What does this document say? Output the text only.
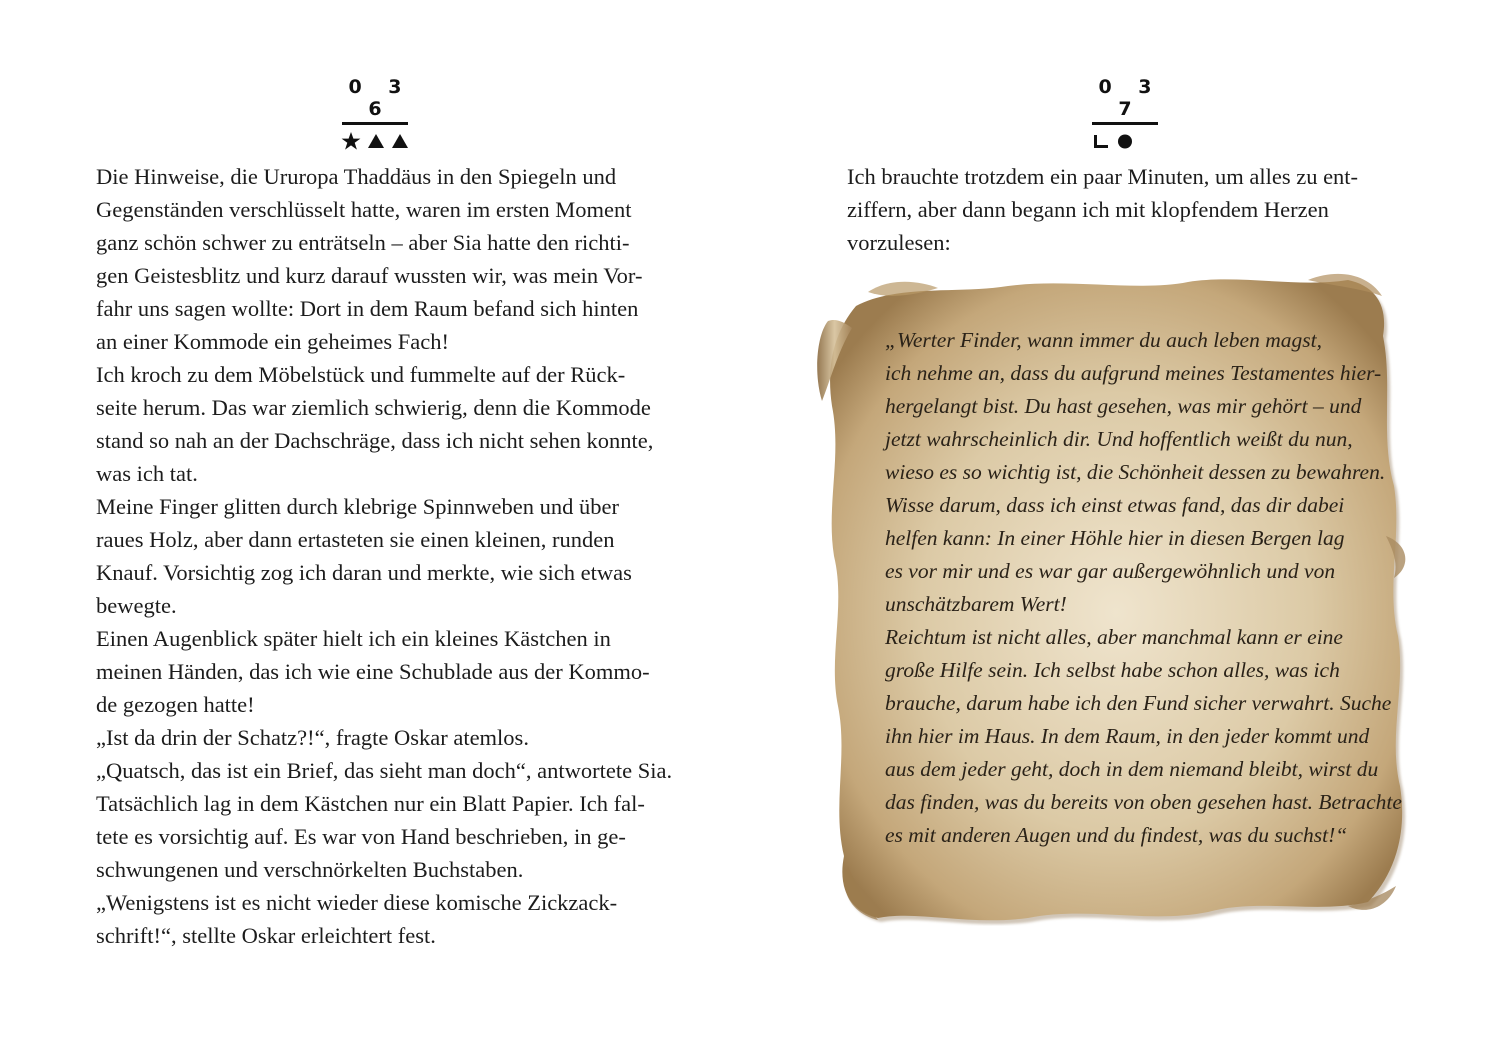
0 3 6
0 3 7

Die Hinweise, die Ururopa Thaddäus in den Spiegeln und

Gegenständen verschlüsselt hatte, waren im ersten Moment

ganz schön schwer zu enträtseln – aber Sia hatte den richti-

gen Geistesblitz und kurz darauf wussten wir, was mein Vor-

fahr uns sagen wollte: Dort in dem Raum befand sich hinten

an einer Kommode ein geheimes Fach!

Ich kroch zu dem Möbelstück und fummelte auf der Rück-

seite herum. Das war ziemlich schwierig, denn die Kommode

stand so nah an der Dachschräge, dass ich nicht sehen konnte,

was ich tat.

Meine Finger glitten durch klebrige Spinnweben und über

raues Holz, aber dann ertasteten sie einen kleinen, runden

Knauf. Vorsichtig zog ich daran und merkte, wie sich etwas

bewegte.

Einen Augenblick später hielt ich ein kleines Kästchen in

meinen Händen, das ich wie eine Schublade aus der Kommo-

de gezogen hatte!

„Ist da drin der Schatz?!“, fragte Oskar atemlos.

„Quatsch, das ist ein Brief, das sieht man doch“, antwortete Sia.

Tatsächlich lag in dem Kästchen nur ein Blatt Papier. Ich fal-

tete es vorsichtig auf. Es war von Hand beschrieben, in ge-

schwungenen und verschnörkelten Buchstaben.

„Wenigstens ist es nicht wieder diese komische Zickzack-

schrift!“, stellte Oskar erleichtert fest.

Ich brauchte trotzdem ein paar Minuten, um alles zu ent-

ziffern, aber dann begann ich mit klopfendem Herzen

vorzulesen:

„Werter Finder, wann immer du auch leben magst,

ich nehme an, dass du aufgrund meines Testamentes hier-

hergelangt bist. Du hast gesehen, was mir gehört – und

jetzt wahrscheinlich dir. Und hoffentlich weißt du nun,

wieso es so wichtig ist, die Schönheit dessen zu bewahren.

Wisse darum, dass ich einst etwas fand, das dir dabei

helfen kann: In einer Höhle hier in diesen Bergen lag

es vor mir und es war gar außergewöhnlich und von

unschätzbarem Wert!

Reichtum ist nicht alles, aber manchmal kann er eine

große Hilfe sein. Ich selbst habe schon alles, was ich

brauche, darum habe ich den Fund sicher verwahrt. Suche

ihn hier im Haus. In dem Raum, in den jeder kommt und

aus dem jeder geht, doch in dem niemand bleibt, wirst du

das finden, was du bereits von oben gesehen hast. Betrachte

es mit anderen Augen und du findest, was du suchst!“
